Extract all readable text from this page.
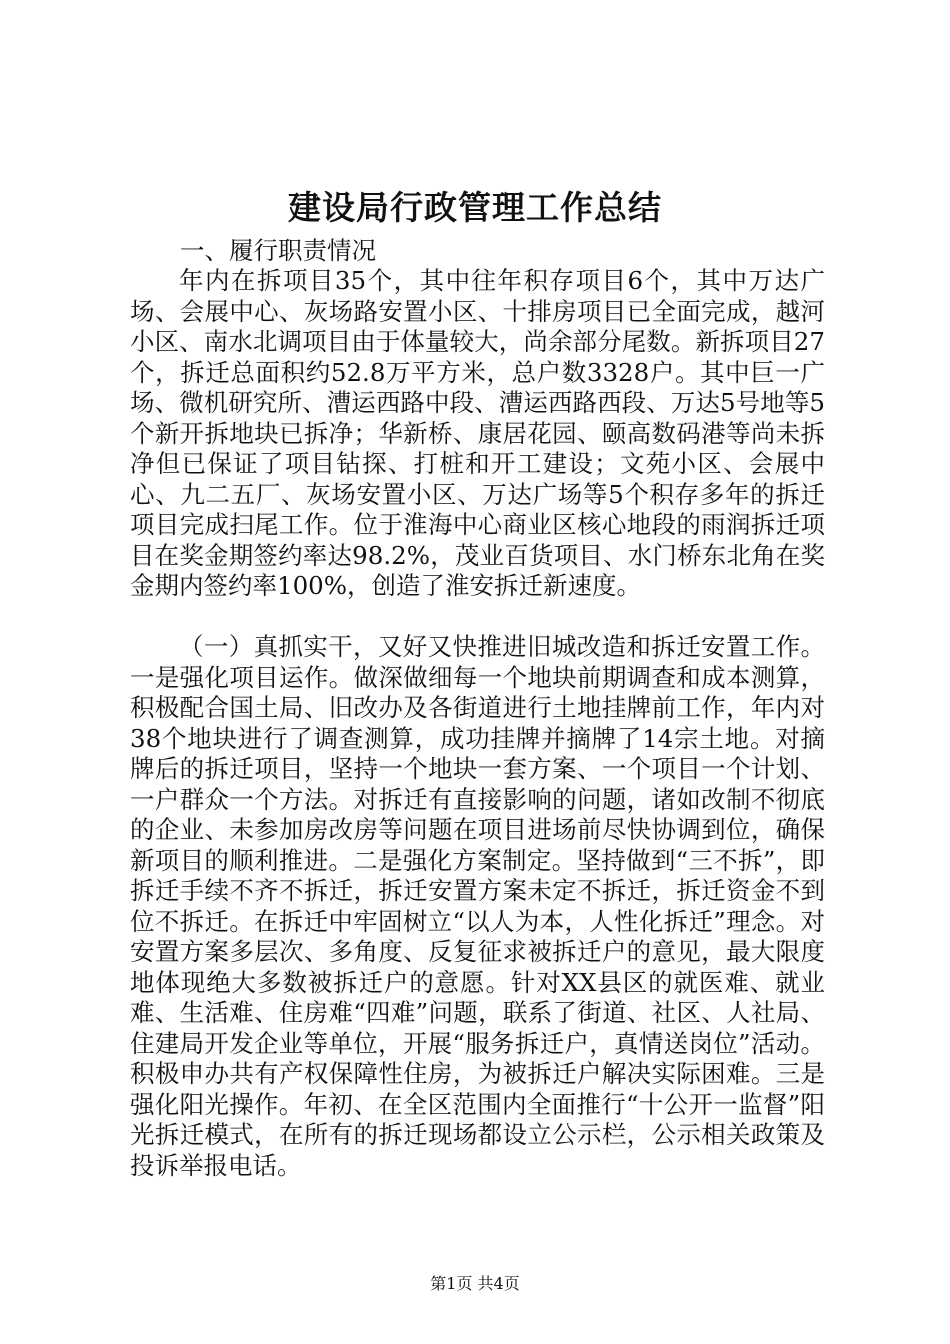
建设局行政管理工作总结

一、履行职责情况

年内在拆项目35个，其中往年积存项目6个，其中万达广场、会展中心、灰场路安置小区、十排房项目已全面完成，越河小区、南水北调项目由于体量较大，尚余部分尾数。新拆项目27个，拆迁总面积约52.8万平方米，总户数3328户。其中巨一广场、微机研究所、漕运西路中段、漕运西路西段、万达5号地等5个新开拆地块已拆净；华新桥、康居花园、颐高数码港等尚未拆净但已保证了项目钻探、打桩和开工建设；文苑小区、会展中心、九二五厂、灰场安置小区、万达广场等5个积存多年的拆迁项目完成扫尾工作。位于淮海中心商业区核心地段的雨润拆迁项目在奖金期签约率达98.2%，茂业百货项目、水门桥东北角在奖金期内签约率100%，创造了淮安拆迁新速度。

（一）真抓实干，又好又快推进旧城改造和拆迁安置工作。一是强化项目运作。做深做细每一个地块前期调查和成本测算，积极配合国土局、旧改办及各街道进行土地挂牌前工作，年内对38个地块进行了调查测算，成功挂牌并摘牌了14宗土地。对摘牌后的拆迁项目，坚持一个地块一套方案、一个项目一个计划、一户群众一个方法。对拆迁有直接影响的问题，诸如改制不彻底的企业、未参加房改房等问题在项目进场前尽快协调到位，确保新项目的顺利推进。二是强化方案制定。坚持做到“三不拆”，即拆迁手续不齐不拆迁，拆迁安置方案未定不拆迁，拆迁资金不到位不拆迁。在拆迁中牢固树立“以人为本，人性化拆迁”理念。对安置方案多层次、多角度、反复征求被拆迁户的意见，最大限度地体现绝大多数被拆迁户的意愿。针对XX县区的就医难、就业难、生活难、住房难“四难”问题，联系了街道、社区、人社局、住建局开发企业等单位，开展“服务拆迁户，真情送岗位”活动。积极申办共有产权保障性住房，为被拆迁户解决实际困难。三是强化阳光操作。年初、在全区范围内全面推行“十公开一监督”阳光拆迁模式，在所有的拆迁现场都设立公示栏，公示相关政策及投诉举报电话。

第1页 共4页
